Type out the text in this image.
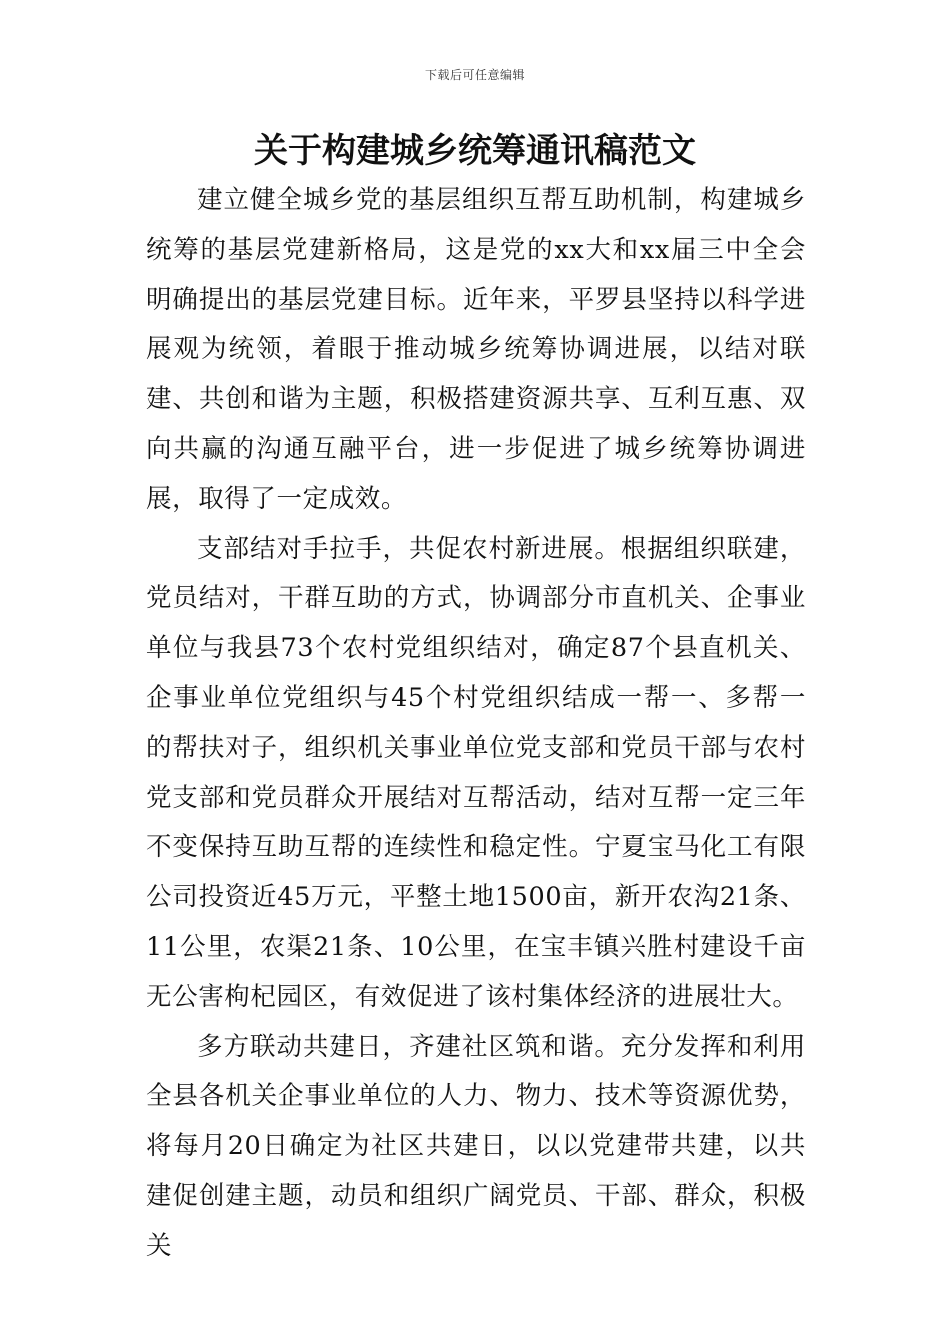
下载后可任意编辑
关于构建城乡统筹通讯稿范文

建立健全城乡党的基层组织互帮互助机制，构建城乡统筹的基层党建新格局，这是党的xx大和xx届三中全会明确提出的基层党建目标。近年来，平罗县坚持以科学进展观为统领，着眼于推动城乡统筹协调进展，以结对联建、共创和谐为主题，积极搭建资源共享、互利互惠、双向共赢的沟通互融平台，进一步促进了城乡统筹协调进展，取得了一定成效。

支部结对手拉手，共促农村新进展。根据组织联建，党员结对，干群互助的方式，协调部分市直机关、企事业单位与我县73个农村党组织结对，确定87个县直机关、企事业单位党组织与45个村党组织结成一帮一、多帮一的帮扶对子，组织机关事业单位党支部和党员干部与农村党支部和党员群众开展结对互帮活动，结对互帮一定三年不变保持互助互帮的连续性和稳定性。宁夏宝马化工有限公司投资近45万元，平整土地1500亩，新开农沟21条、11公里，农渠21条、10公里，在宝丰镇兴胜村建设千亩无公害枸杞园区，有效促进了该村集体经济的进展壮大。

多方联动共建日，齐建社区筑和谐。充分发挥和利用全县各机关企事业单位的人力、物力、技术等资源优势，将每月20日确定为社区共建日，以以党建带共建，以共建促创建主题，动员和组织广阔党员、干部、群众，积极关
